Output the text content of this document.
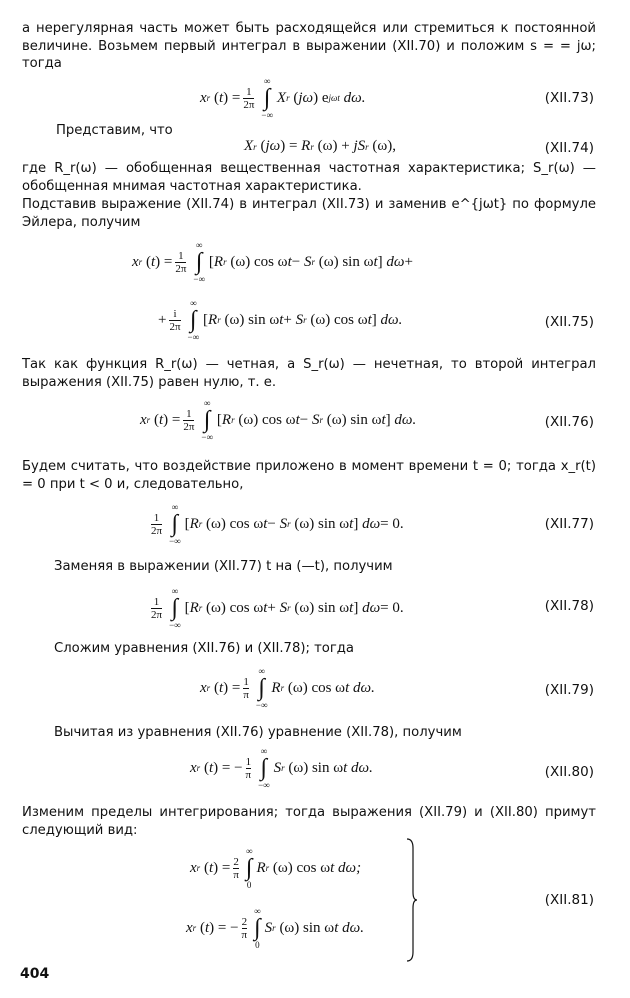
а нерегулярная часть может быть расходящейся или стремиться к постоянной величине. Возьмем первый интеграл в выражении (XII.70) и положим s = = jω; тогда

x r
( t ) = $\frac{1}{2\pi}$
∞
∫
−∞
X r
( jω ) e jωt dω.	(XII.73)

Представим, что

X r
( jω ) = R r
(ω) + jS r
(ω),	(XII.74)

где R_r(ω) — обобщенная вещественная частотная характеристика; S_r(ω) — обобщенная мнимая частотная характеристика.

Подставив выражение (XII.74) в интеграл (XII.73) и заменив e^{jωt} по формуле Эйлера, получим

x r
( t ) = $\frac{1}{2\pi}$
∞
∫
−∞
[ R r
(ω) cos ω t − S r
(ω) sin ω t ] dω +
+ $\frac{i}{2\pi}$
∞
∫
−∞
[ R r
(ω) sin ω t + S r
(ω) cos ω t ] dω.	(XII.75)

Так как функция R_r(ω) — четная, а S_r(ω) — нечетная, то второй интеграл выражения (XII.75) равен нулю, т. е.

x r
( t ) = $\frac{1}{2\pi}$
∞
∫
−∞
[ R r
(ω) cos ω t − S r
(ω) sin ω t ] dω.	(XII.76)

Будем считать, что воздействие приложено в момент времени t = 0; тогда x_r(t) = 0 при t < 0 и, следовательно,

$\frac{1}{2\pi}$
∞
∫
−∞
[ R r
(ω) cos ω t − S r
(ω) sin ω t ] dω = 0.	(XII.77)

Заменяя в выражении (XII.77) t на (—t), получим

$\frac{1}{2\pi}$
∞
∫
−∞
[ R r
(ω) cos ω t + S r
(ω) sin ω t ] dω = 0.	(XII.78)

Сложим уравнения (XII.76) и (XII.78); тогда

x r
( t ) = $\frac{1}{\pi}$
∞
∫
−∞
R r
(ω) cos ω t dω.	(XII.79)

Вычитая из уравнения (XII.76) уравнение (XII.78), получим

x r
( t ) = − $\frac{1}{\pi}$
∞
∫
−∞
S r
(ω) sin ω t dω.	(XII.80)

Изменим пределы интегрирования; тогда выражения (XII.79) и (XII.80) примут следующий вид:

x r
( t ) = $\frac{2}{\pi}$
∞
∫
0
R r
(ω) cos ω t dω;
x r
( t ) = − $\frac{2}{\pi}$
∞
∫
0
S r
(ω) sin ω t dω.
(XII.81)
404
